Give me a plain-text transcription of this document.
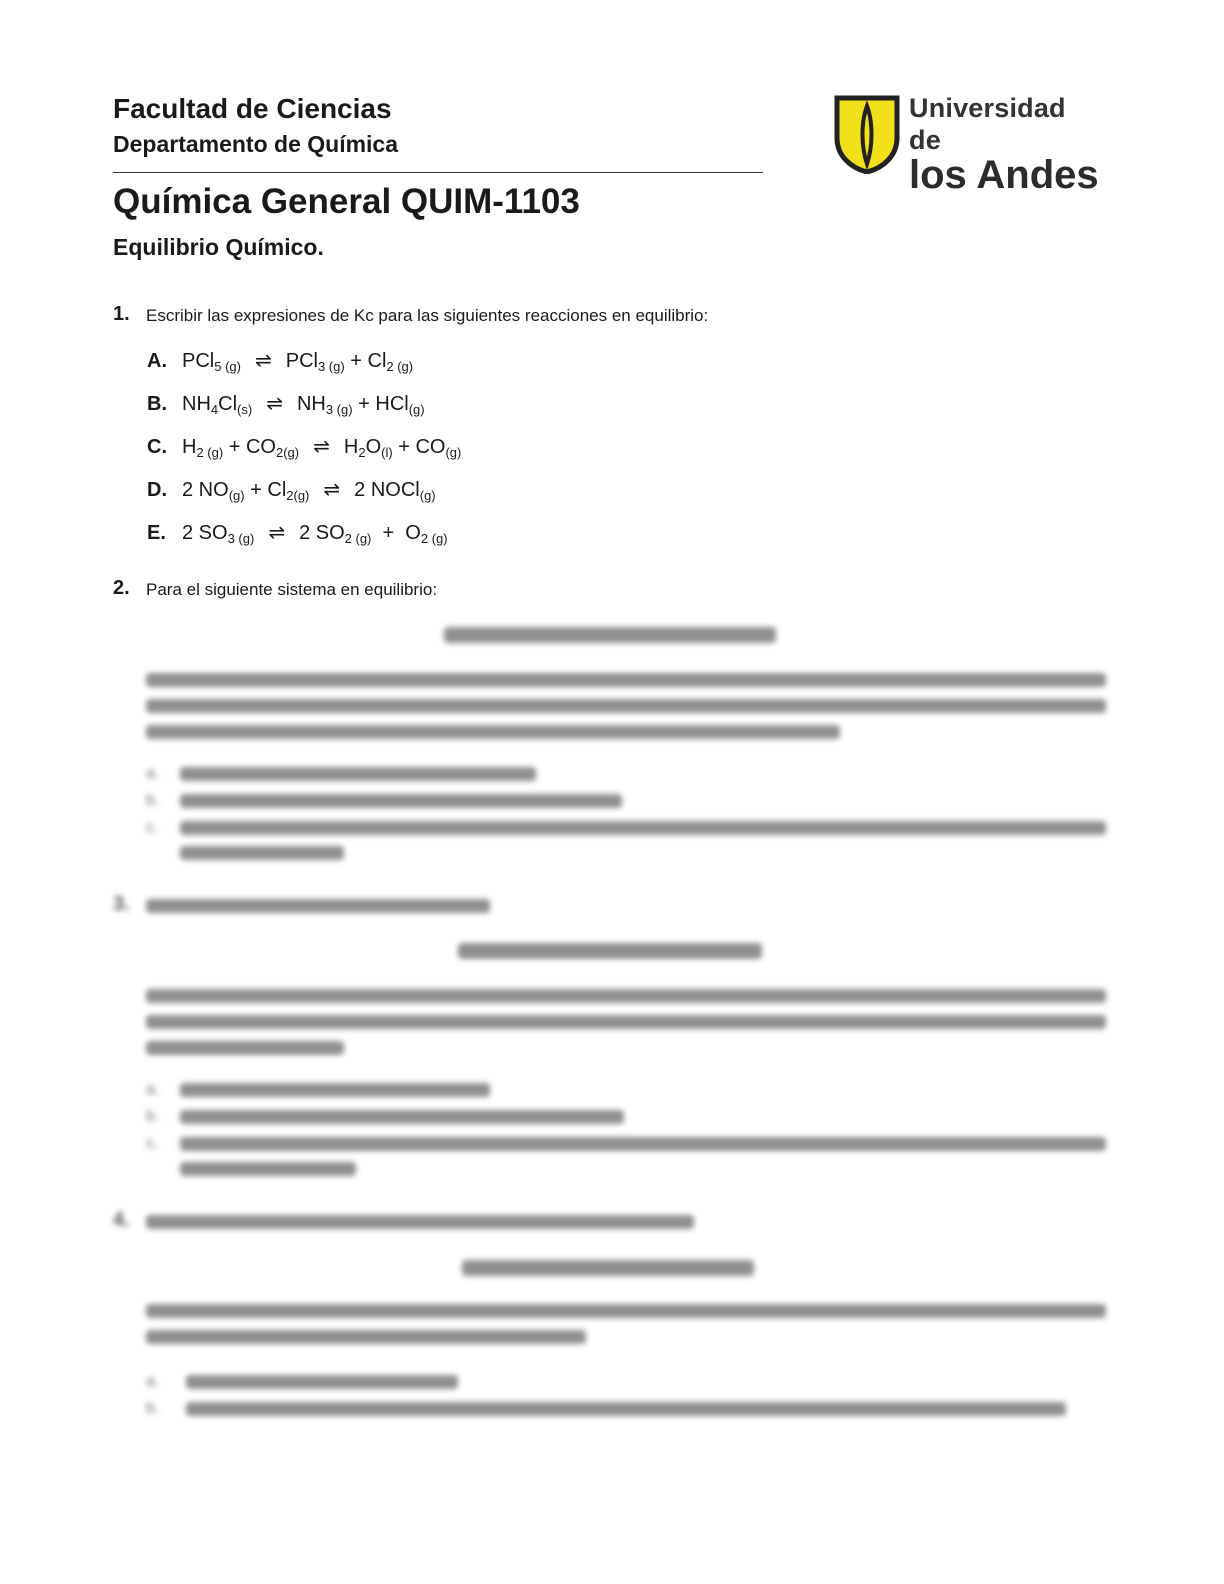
Facultad de Ciencias
Departamento de Química
Química General QUIM-1103
Equilibrio Químico.
Universidad de
los Andes
1. Escribir las expresiones de Kc para las siguientes reacciones en equilibrio:
A. PCl$_{5 (g)}$ ⇌ $PCl_{3 (g)} + Cl_{2 (g)}$
B. $NH_4Cl_{(s)}$ ⇌ $NH_{3 (g)} + HCl_{(g)}$
C. $H_{2 (g)} + CO_{2(g)}$ ⇌ $H_2O_{(l)} + CO_{(g)}$
D. 2 $NO_{(g)} + Cl_{2(g)}$ ⇌ 2 NOCl$_{(g)}$
E. 2 $SO_{3 (g)}$ ⇌ 2 $SO_{2 (g)} + O_{2 (g)}$
2. Para el siguiente sistema en equilibrio:
a.
b.
c.
3.
a.
b.
c.
4.
a.
b.
